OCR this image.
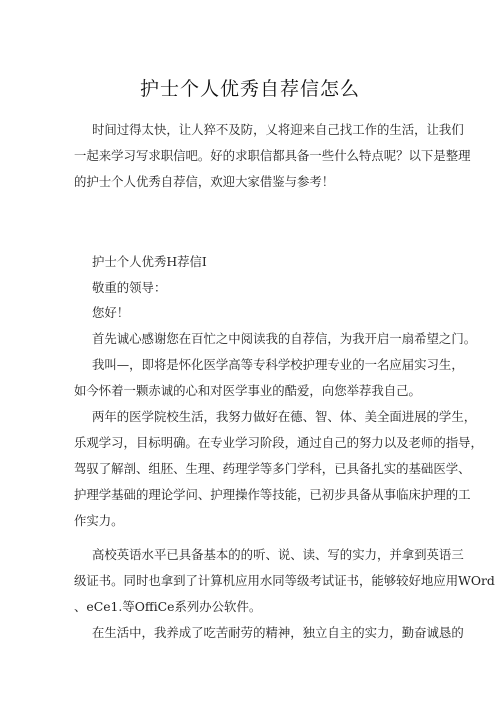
护士个人优秀自荐信怎么
时间过得太快，让人猝不及防，乂将迎来自己找工作的生活，让我们
一起来学习写求职信吧。好的求职信都具备一些什么特点呢？以下是整理
的护士个人优秀自荐信，欢迎大家借鉴与参考！
护士个人优秀H荐信I
敬重的领导：
您好！
首先诚心感谢您在百忙之中阅读我的自荐信，为我开启一扇希望之门。
我叫—，即将是怀化医学高等专科学校护理专业的一名应届实习生，
如今怀着一颗赤诚的心和对医学事业的酷爱，向您举荐我自己。
两年的医学院校生活，我努力做好在德、智、体、美全面进展的学生，
乐观学习，目标明确。在专业学习阶段，通过自己的努力以及老师的指导，
驾驭了解剖、组胚、生理、药理学等多门学科，已具备扎实的基础医学、
护理学基础的理论学问、护理操作等技能，已初步具备从事临床护理的工
作实力。
高校英语水平已具备基本的的听、说、读、写的实力，并拿到英语三
级证书。同时也拿到了计算机应用水同等级考试证书，能够较好地应用WOrd
、eCe1.等OffiCe系列办公软件。
在生活中，我养成了吃苦耐劳的精神，独立自主的实力，勤奋诚恳的
